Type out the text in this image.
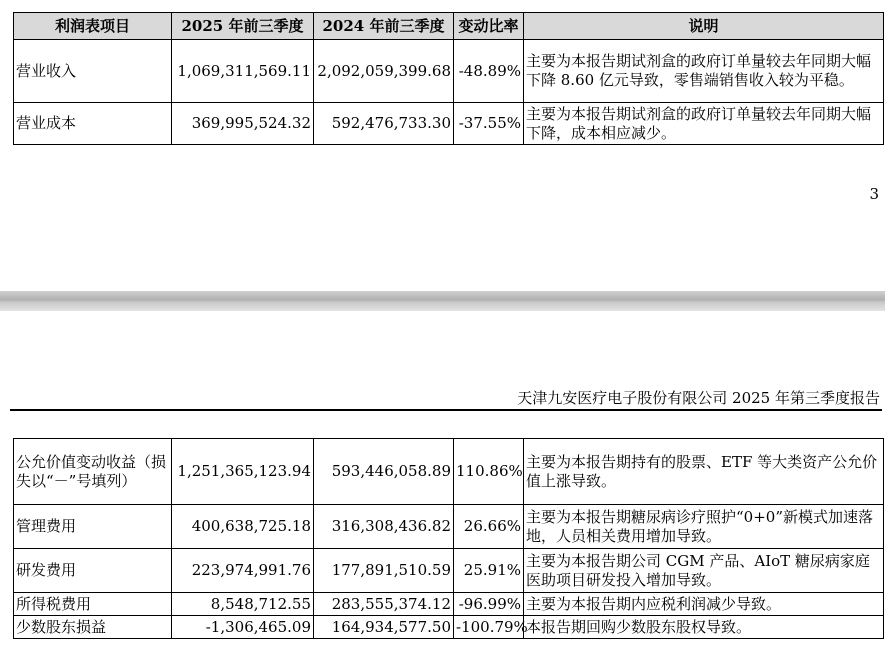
利润表项目	2025 年前三季度	2024 年前三季度	变动比率	说明
营业收入	1,069,311,569.11	2,092,059,399.68	-48.89%	主要为本报告期试剂盒的政府订单量较去年同期大幅下降 8.60 亿元导致，零售端销售收入较为平稳。
营业成本	369,995,524.32	592,476,733.30	-37.55%	主要为本报告期试剂盒的政府订单量较去年同期大幅下降，成本相应减少。
3
天津九安医疗电子股份有限公司 2025 年第三季度报告
公允价值变动收益（损失以“－”号填列）	1,251,365,123.94	593,446,058.89	110.86%	主要为本报告期持有的股票、ETF 等大类资产公允价值上涨导致。
管理费用	400,638,725.18	316,308,436.82	26.66%	主要为本报告期糖尿病诊疗照护“0+0”新模式加速落地，人员相关费用增加导致。
研发费用	223,974,991.76	177,891,510.59	25.91%	主要为本报告期公司 CGM 产品、AIoT 糖尿病家庭医助项目研发投入增加导致。
所得税费用	8,548,712.55	283,555,374.12	-96.99%	主要为本报告期内应税利润减少导致。
少数股东损益	-1,306,465.09	164,934,577.50	-100.79%	本报告期回购少数股东股权导致。
